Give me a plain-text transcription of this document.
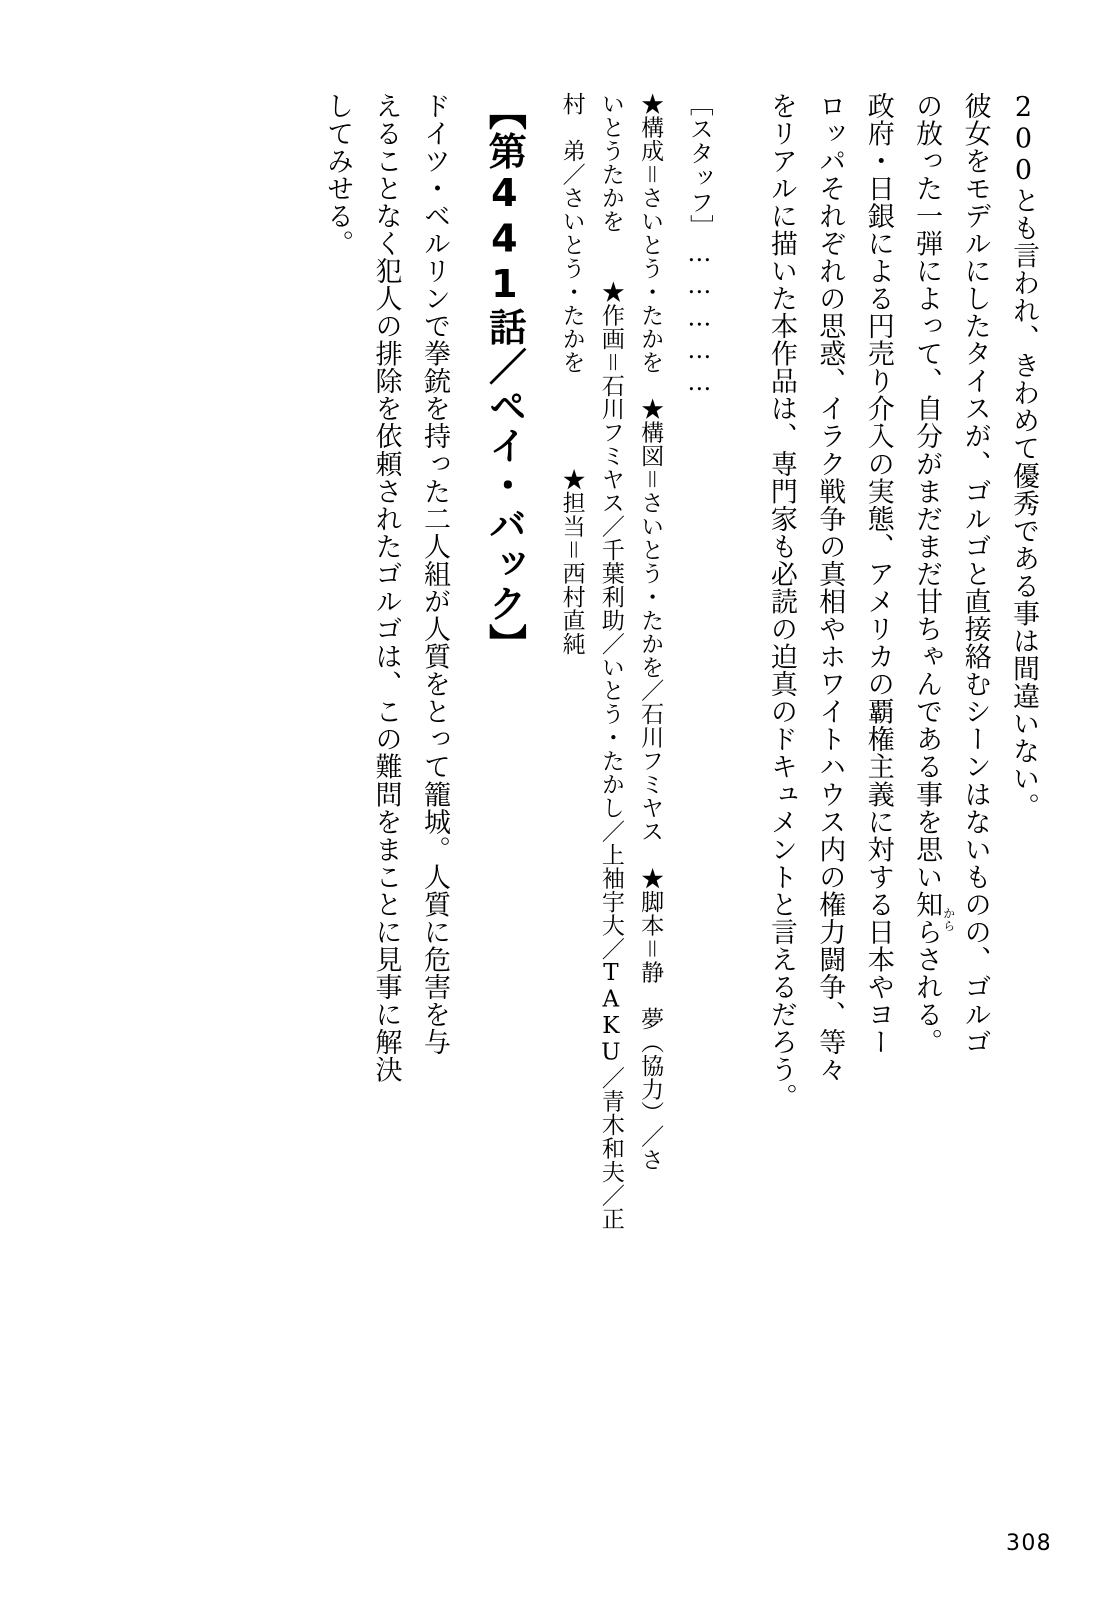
してみせる。 えることなく犯人の排除を依頼されたゴルゴは、この難問をまことに見事に解決 ドイツ・ベルリンで拳銃を持った二人組が人質をとって籠城。人質に危害を与 【第441話／ペイ・バック】 村　弟／さいとう・たかを　　　　★担当＝西村直純 いとうたかを　　★作画＝石川フミヤス／千葉利助／いとう・たかし／上袖宇大／TAKU／青木和夫／正 ★構成＝さいとう・たかを　★構図＝さいとう・たかを／石川フミヤス　★脚本＝静　夢（協力）／さ ［スタッフ］……………	をリアルに描いた本作品は、専門家も必読の迫真のドキュメントと言えるだろう。 ロッパそれぞれの思惑、イラク戦争の真相やホワイトハウス内の権力闘争、等々 政府・日銀による円売り介入の実態、アメリカの覇権主義に対する日本やヨー の放った一弾によって、自分がまだまだ甘ちゃんである事を思い知らされる。 彼女をモデルにしたタイスが、ゴルゴと直接絡むシーンはないものの、ゴルゴ
から
200とも言われ、きわめて優秀である事は間違いない。
308
